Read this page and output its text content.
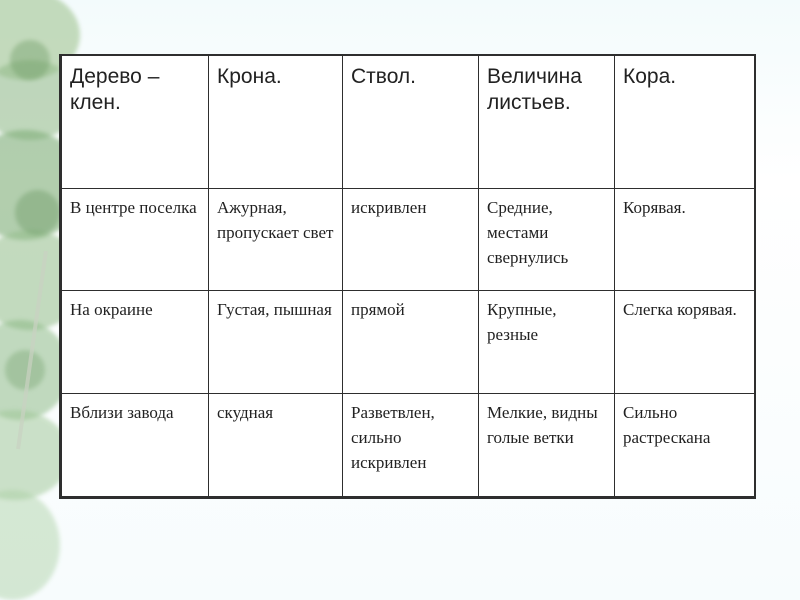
Дерево – клен.	Крона.	Ствол.	Величина листьев.	Кора.
В центре поселка	Ажурная, пропускает свет	искривлен	Средние, местами свернулись	Корявая.
На окраине	Густая, пышная	прямой	Крупные, резные	Слегка корявая.
Вблизи завода	скудная	Разветвлен, сильно искривлен	Мелкие, видны голые ветки	Сильно растрескана
